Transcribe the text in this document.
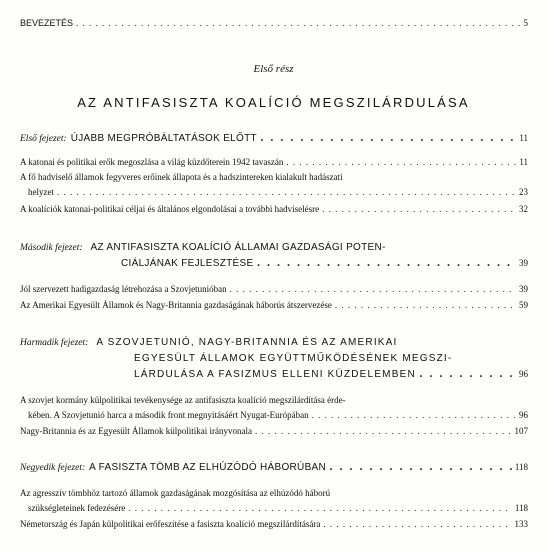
BEVEZETÉS . . .	5
Első rész
AZ ANTIFASISZTA KOALÍCIÓ MEGSZILÁRDULÁSA
Első fejezet: ÚJABB MEGPRÓBÁLTATÁSOK ELŐTT . . .	11
A katonai és politikai erők megoszlása a világ küzdőterein 1942 tavaszán . . .	11
A fő hadviselő államok fegyveres erőinek állapota és a hadszintereken kialakult hadászati
helyzet . . .	23
A koalíciók katonai-politikai céljai és általános elgondolásai a további hadviselésre . . .	32
Második fejezet: AZ ANTIFASISZTA KOALÍCIÓ ÁLLAMAI GAZDASÁGI POTEN-
CIÁLJÁNAK FEJLESZTÉSE . . .	39
Jól szervezett hadigazdaság létrehozása a Szovjetunióban . . .	39
Az Amerikai Egyesült Államok és Nagy-Britannia gazdaságának háborús átszervezése . . .	59
Harmadik fejezet: A SZOVJETUNIÓ, NAGY-BRITANNIA ÉS AZ AMERIKAI
EGYESÜLT ÁLLAMOK EGYÜTTMŰKÖDÉSÉNEK MEGSZI-
LÁRDULÁSA A FASIZMUS ELLENI KÜZDELEMBEN . . .	96
A szovjet kormány külpolitikai tevékenysége az antifasiszta koalíció megszilárdítása érde-
kében. A Szovjetunió harca a második front megnyitásáért Nyugat-Európában . . .	96
Nagy-Britannia és az Egyesült Államok külpolitikai irányvonala . . .	107
Negyedik fejezet: A FASISZTA TÖMB AZ ELHÚZÓDÓ HÁBORÚBAN . . .	118
Az agresszív tömbhöz tartozó államok gazdaságának mozgósítása az elhúzódó háború
szükségleteinek fedezésére . . .	118
Németország és Japán külpolitikai erőfeszítése a fasiszta koalíció megszilárdítására . . .	133
